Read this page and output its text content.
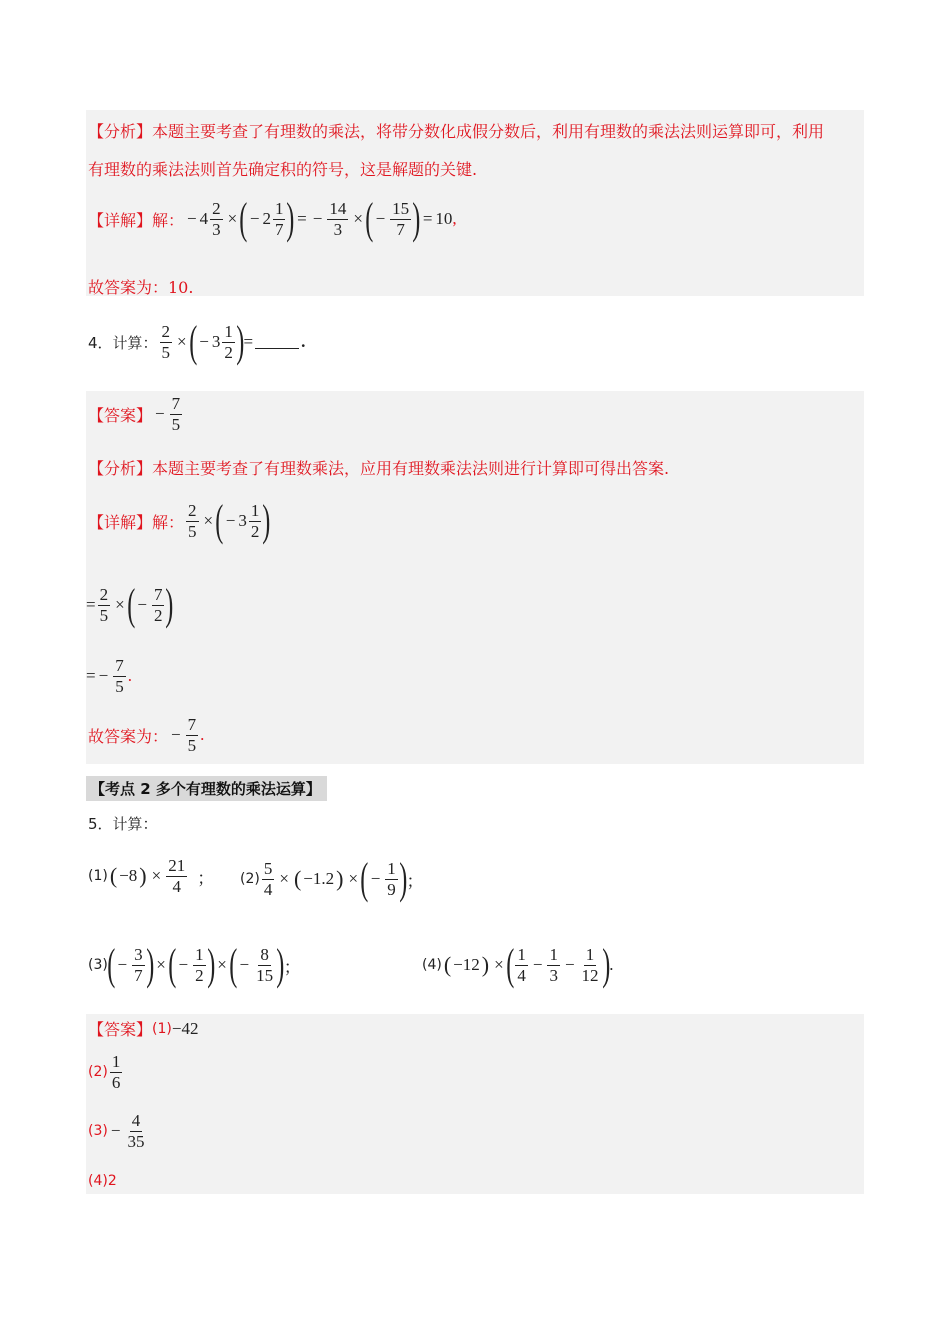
【分析】本题主要考查了有理数的乘法，将带分数化成假分数后，利用有理数的乘法法则运算即可，利用
有理数的乘法法则首先确定积的符号，这是解题的关键.
【详解】 解： − $4 \frac{2}{3}$ × ( − $2 \frac{1}{7}$ ) = − $\frac{14}{3}$ × ( − $\frac{15}{7}$ ) = 10 ,
故答案为：10.
4．计算： $\frac{2}{5}$ × ( − $3 \frac{1}{2}$ ) =	.
【答案】 − $\frac{7}{5}$
【分析】本题主要考查了有理数乘法，应用有理数乘法法则进行计算即可得出答案.
【详解】 解： $\frac{2}{5}$ × ( − $3 \frac{1}{2}$ )
= $\frac{2}{5}$ × ( − $\frac{7}{2}$ )
= − $\frac{7}{5}$ .
故答案为： − $\frac{7}{5}$ .
【考点 2 多个有理数的乘法运算】
5．计算：
(1) ( −8 ) × $\frac{21}{4}$ ； $(2) \frac{5}{4}$ × ( −1.2 ) × ( − $\frac{1}{9}$ ) ；
(3) ( − $\frac{3}{7}$ ) × ( − $\frac{1}{2}$ ) × ( − $\frac{8}{15}$ ) ；	(4) ( −12 ) × ( $\frac{1}{4} - \frac{1}{3} - \frac{1}{12}$ ) .
【答案】 (1) −42
$(2) \frac{1}{6}$
$(3) - \frac{4}{35}$
(4) 2
